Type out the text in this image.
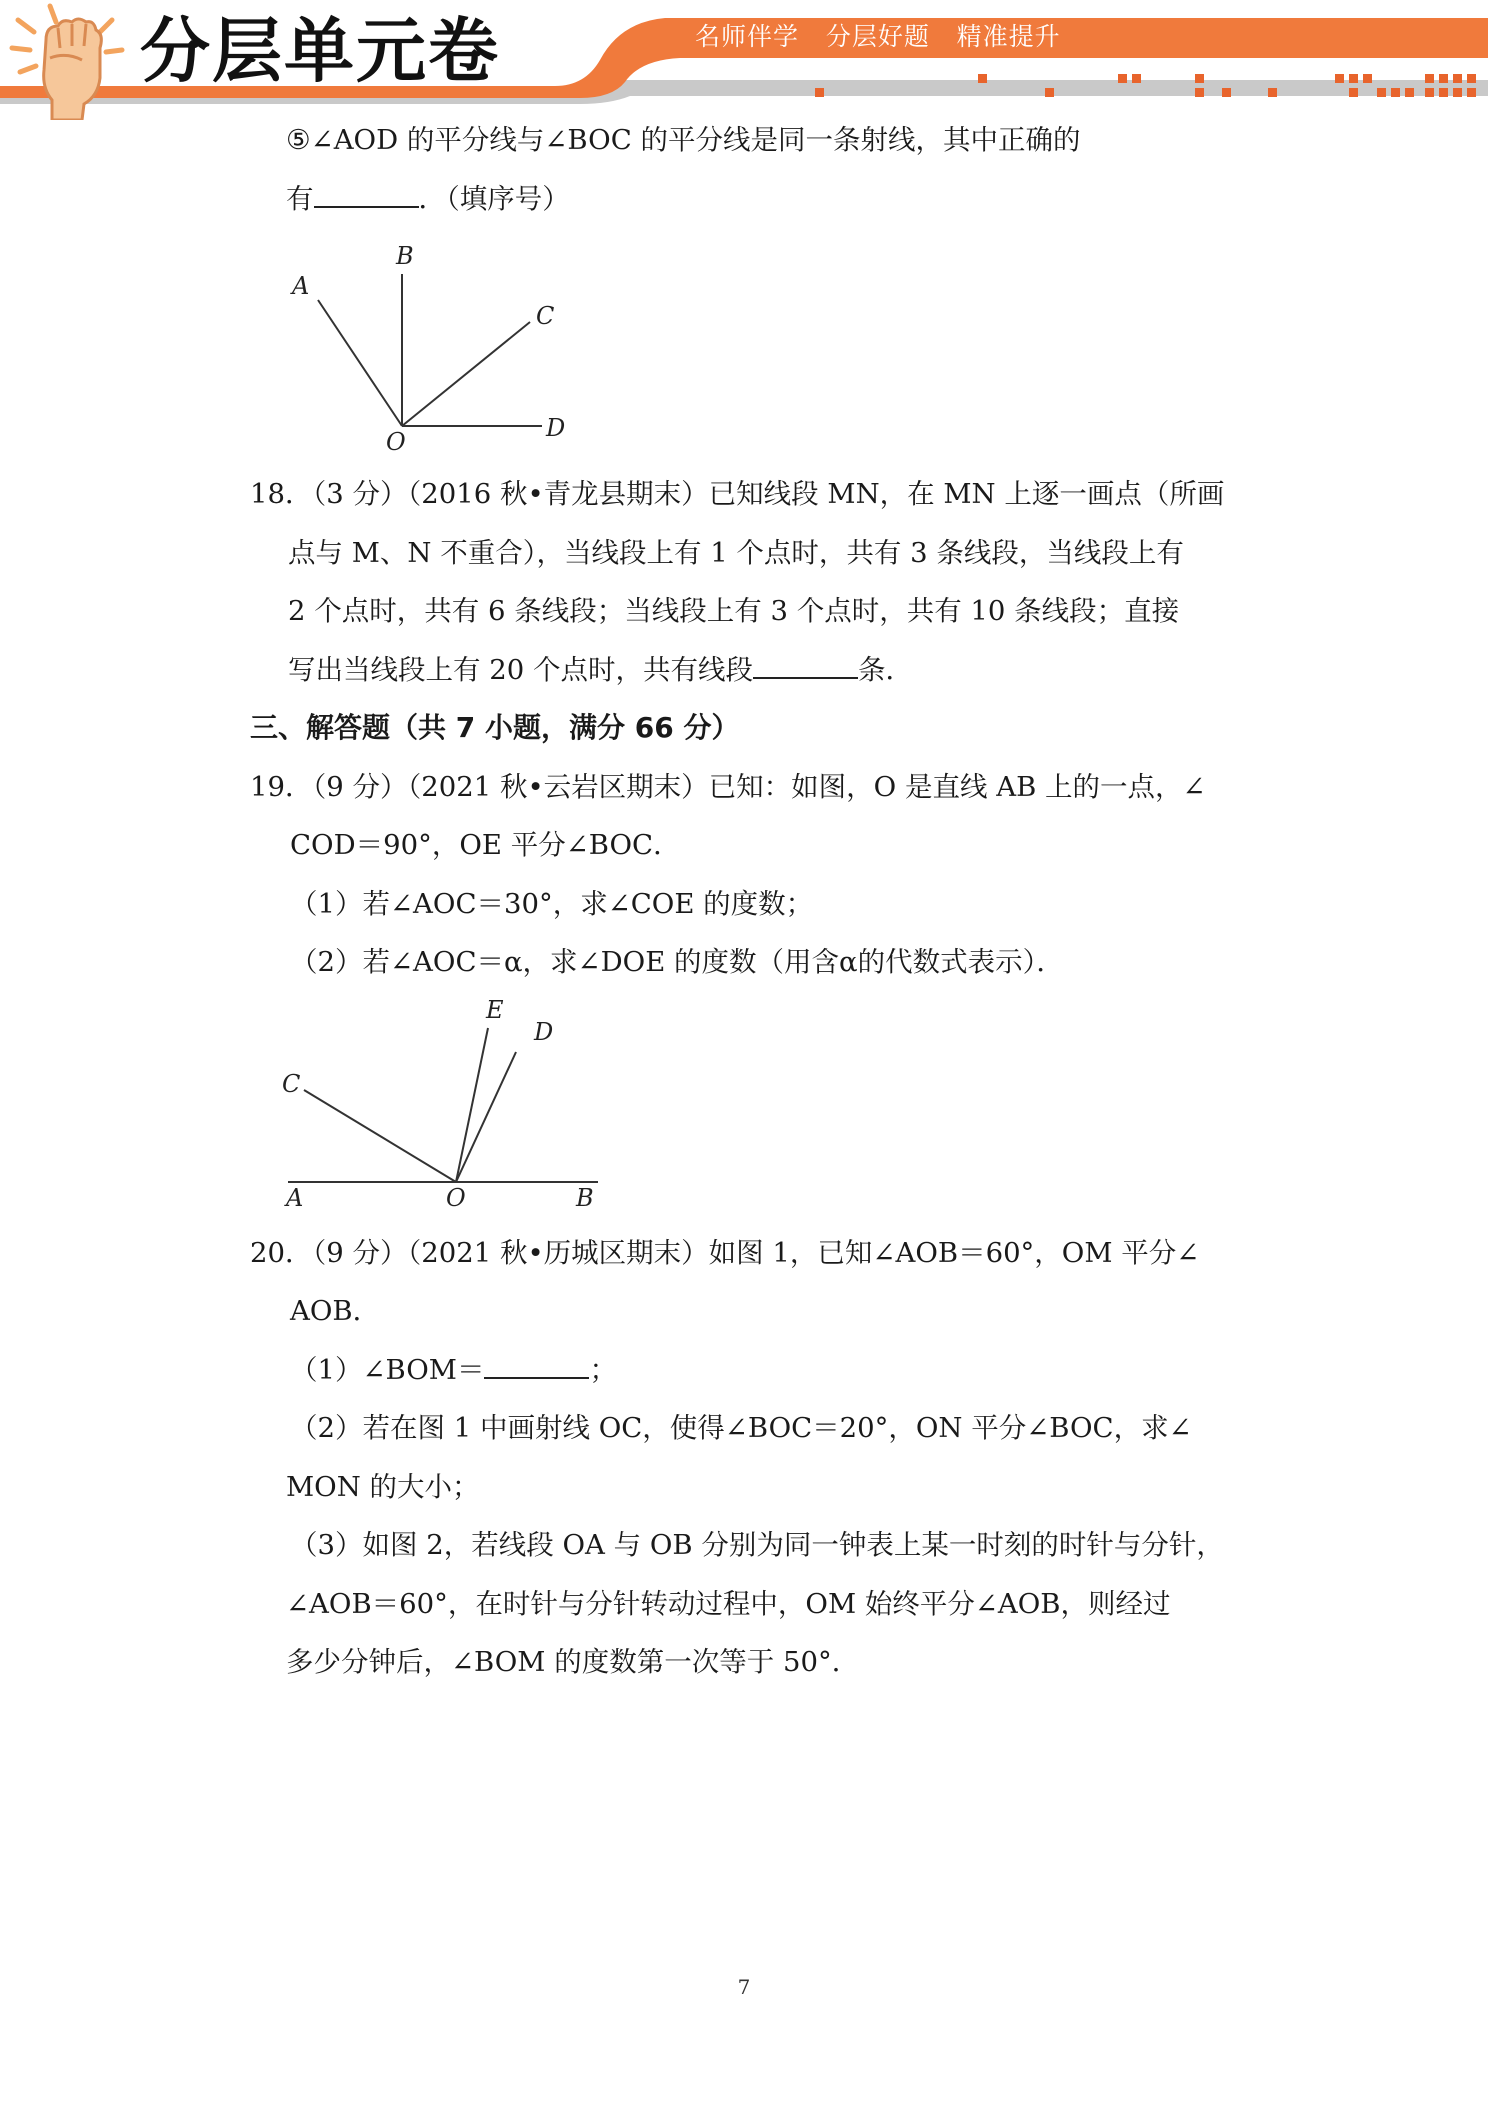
分层单元卷	名师伴学   分层好题   精准提升
⑤∠AOD 的平分线与∠BOC 的平分线是同一条射线，其中正确的
有	．（填序号）
A
B
C
D
O
18．（3 分）（2016 秋•青龙县期末）已知线段 MN，在 MN 上逐一画点（所画
点与 M、N 不重合），当线段上有 1 个点时，共有 3 条线段，当线段上有
2 个点时，共有 6 条线段；当线段上有 3 个点时，共有 10 条线段；直接
写出当线段上有 20 个点时，共有线段	条．
三、解答题（共 7 小题，满分 66 分）
19．（9 分）（2021 秋•云岩区期末）已知：如图，O 是直线 AB 上的一点，∠
COD＝90°，OE 平分∠BOC．
（1）若∠AOC＝30°，求∠COE 的度数；
（2）若∠AOC＝α，求∠DOE 的度数（用含α的代数式表示）．
A	B
C
D
E
O
20．（9 分）（2021 秋•历城区期末）如图 1，已知∠AOB＝60°，OM 平分∠
AOB．
（1）∠BOM＝	；
（2）若在图 1 中画射线 OC，使得∠BOC＝20°，ON 平分∠BOC，求∠
MON 的大小；
（3）如图 2，若线段 OA 与 OB 分别为同一钟表上某一时刻的时针与分针，
∠AOB＝60°，在时针与分针转动过程中，OM 始终平分∠AOB，则经过
多少分钟后，∠BOM 的度数第一次等于 50°．
7
